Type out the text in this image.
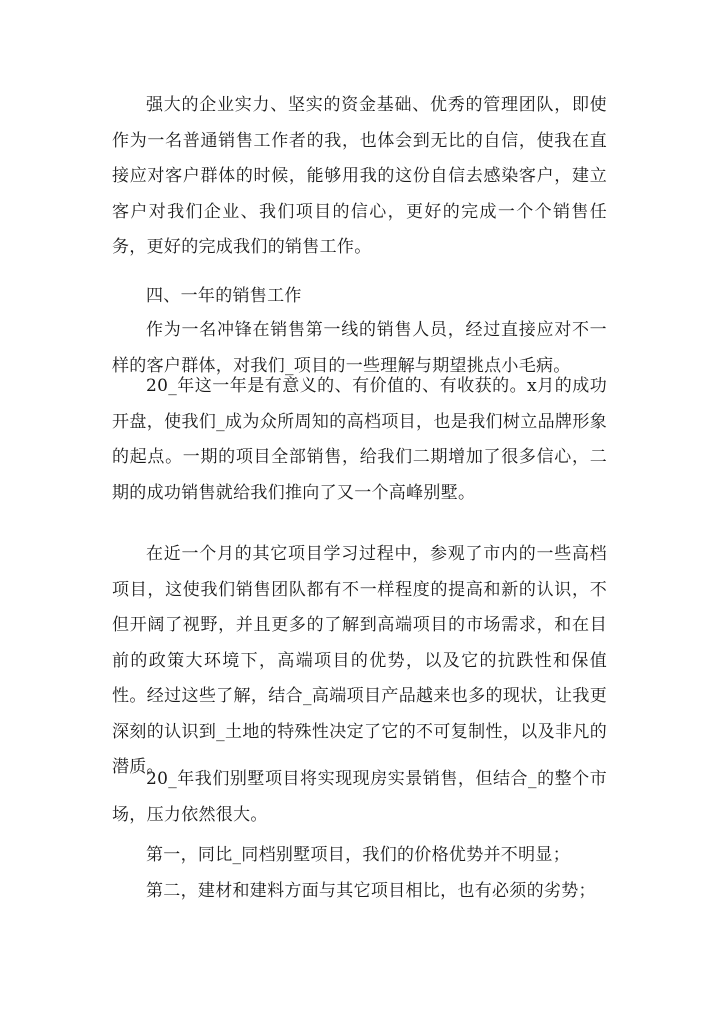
强大的企业实力、坚实的资金基础、优秀的管理团队，即使作为一名普通销售工作者的我，也体会到无比的自信，使我在直接应对客户群体的时候，能够用我的这份自信去感染客户，建立客户对我们企业、我们项目的信心，更好的完成一个个销售任务，更好的完成我们的销售工作。

四、一年的销售工作

作为一名冲锋在销售第一线的销售人员，经过直接应对不一样的客户群体，对我们_项目的一些理解与期望挑点小毛病。

20_年这一年是有意义的、有价值的、有收获的。x月的成功开盘，使我们_成为众所周知的高档项目，也是我们树立品牌形象的起点。一期的项目全部销售，给我们二期增加了很多信心，二期的成功销售就给我们推向了又一个高峰别墅。

在近一个月的其它项目学习过程中，参观了市内的一些高档项目，这使我们销售团队都有不一样程度的提高和新的认识，不但开阔了视野，并且更多的了解到高端项目的市场需求，和在目前的政策大环境下，高端项目的优势，以及它的抗跌性和保值性。经过这些了解，结合_高端项目产品越来也多的现状，让我更深刻的认识到_土地的特殊性决定了它的不可复制性，以及非凡的潜质。

20_年我们别墅项目将实现现房实景销售，但结合_的整个市场，压力依然很大。

第一，同比_同档别墅项目，我们的价格优势并不明显；

第二，建材和建料方面与其它项目相比，也有必须的劣势；
